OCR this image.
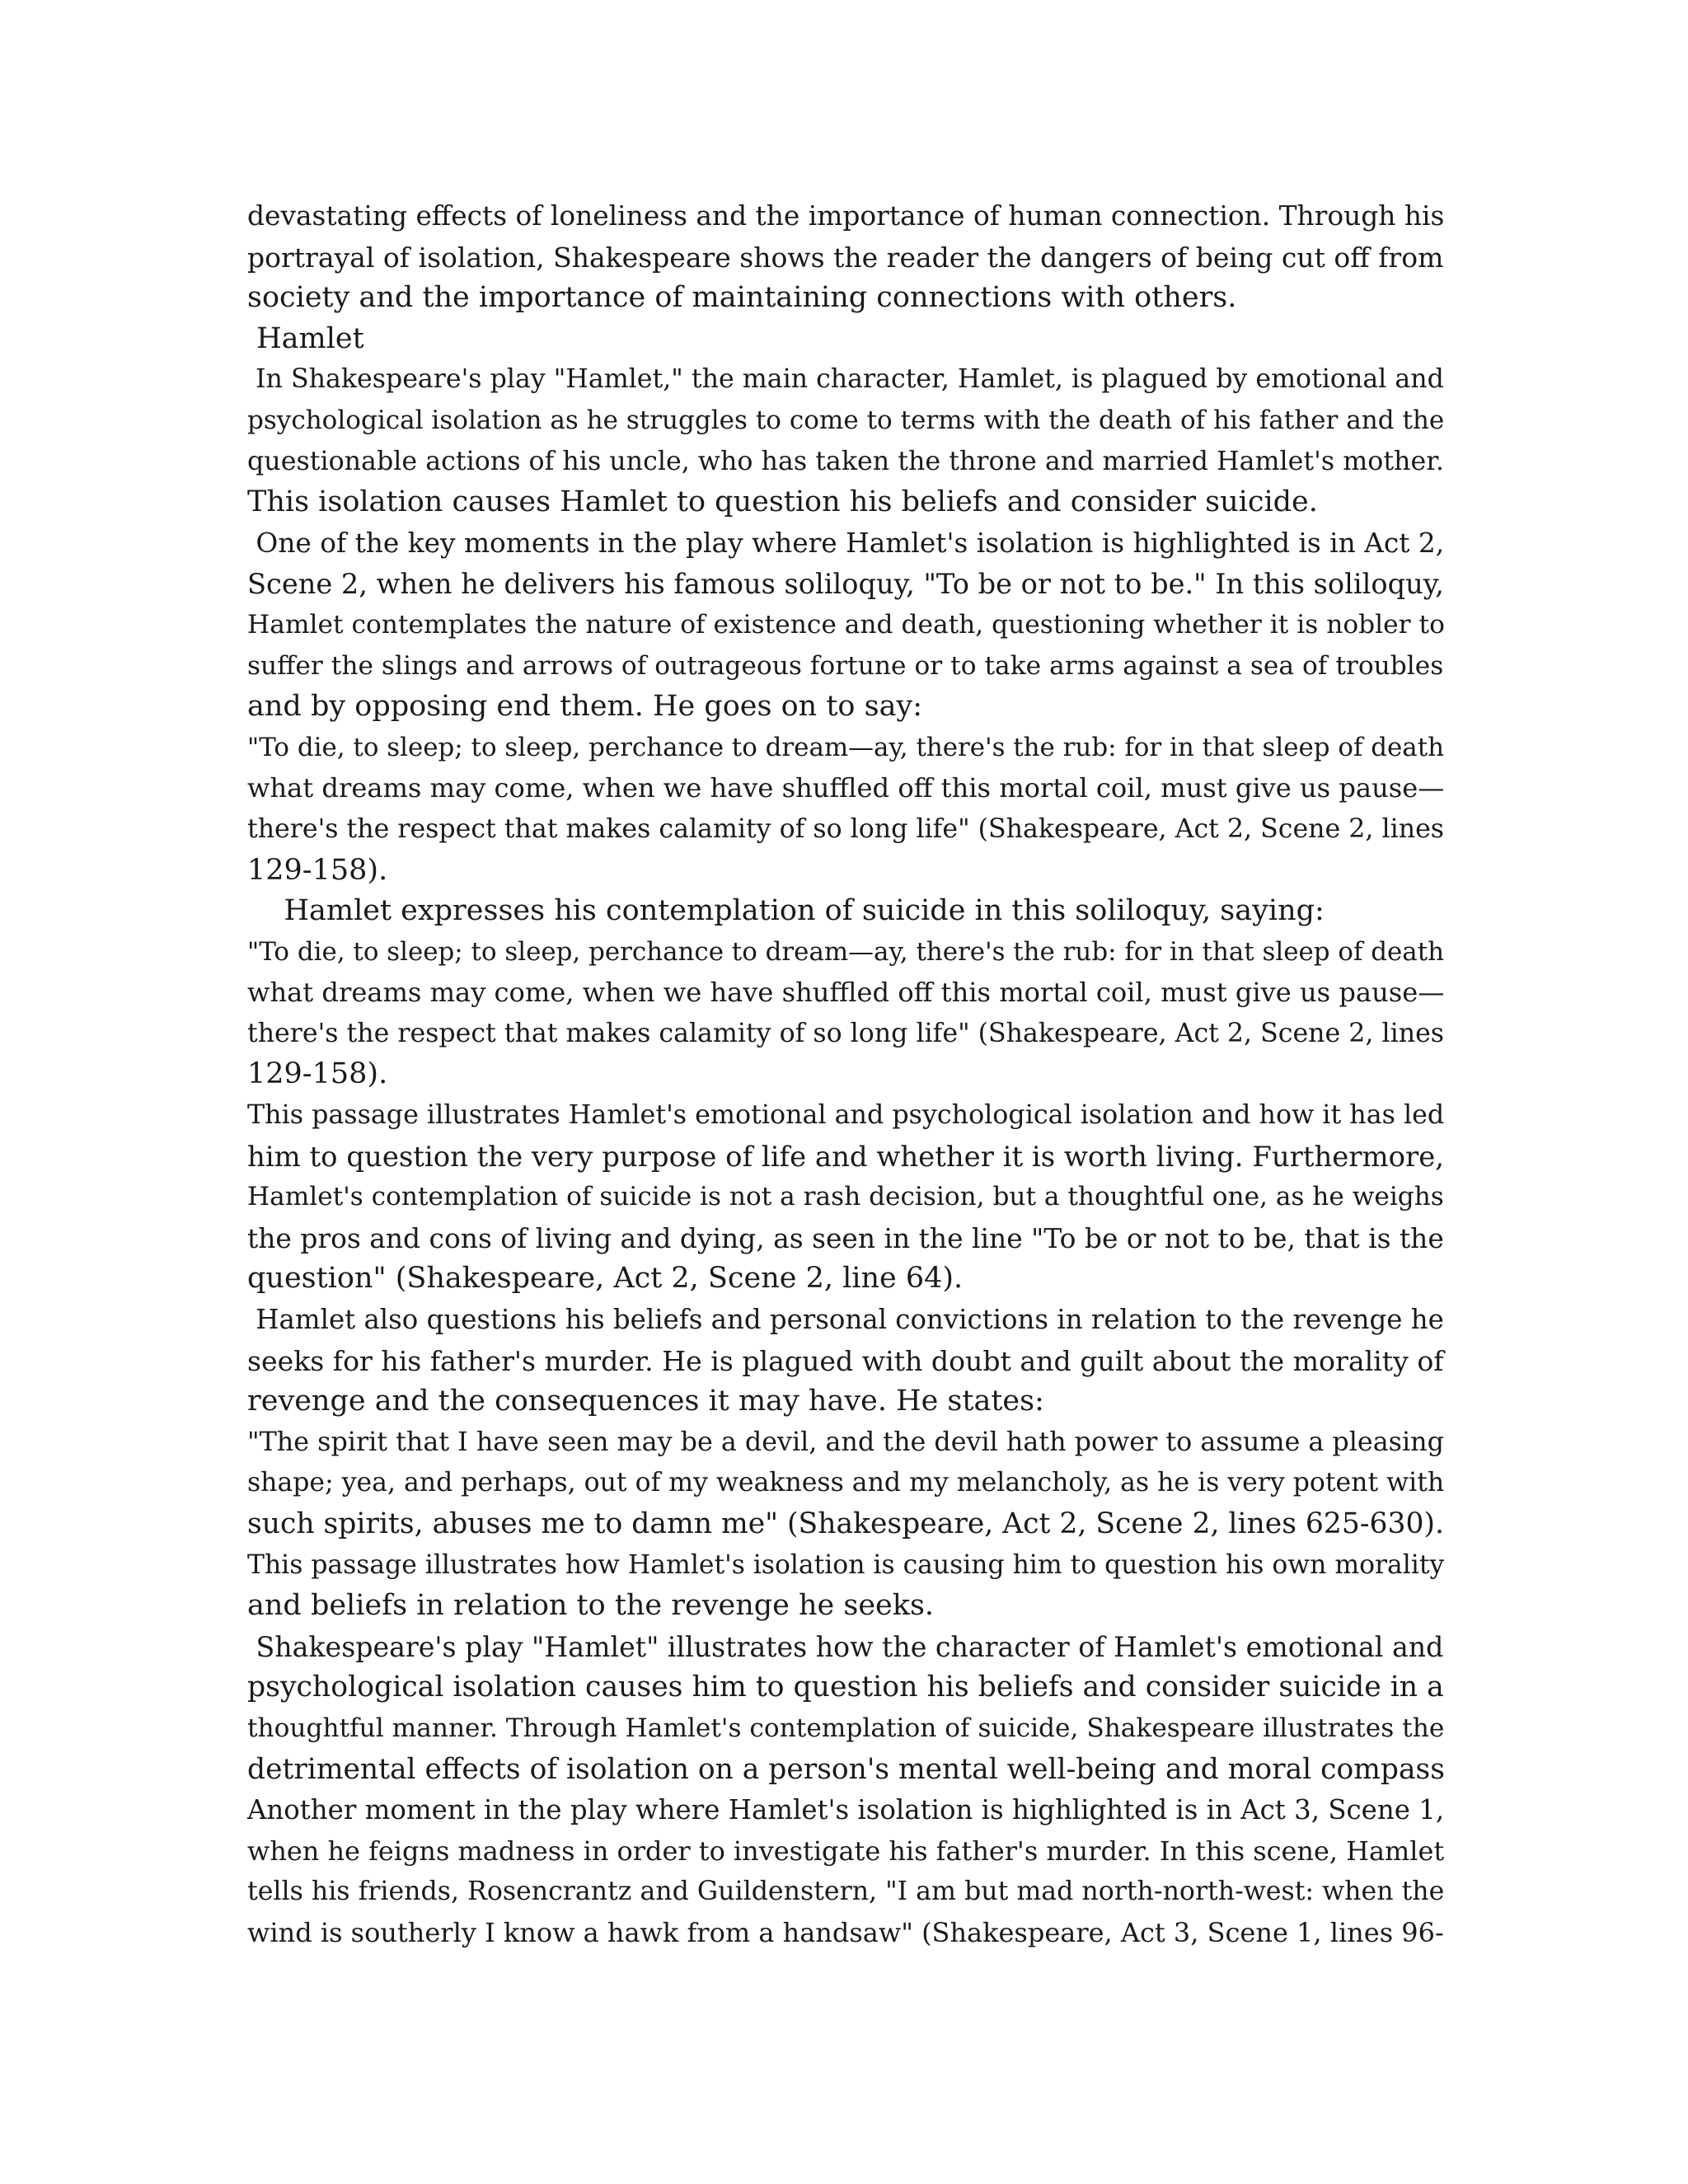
devastating effects of loneliness and the importance of human connection. Through his
portrayal of isolation, Shakespeare shows the reader the dangers of being cut off from
society and the importance of maintaining connections with others.
Hamlet
In Shakespeare's play "Hamlet," the main character, Hamlet, is plagued by emotional and
psychological isolation as he struggles to come to terms with the death of his father and the
questionable actions of his uncle, who has taken the throne and married Hamlet's mother.
This isolation causes Hamlet to question his beliefs and consider suicide.
One of the key moments in the play where Hamlet's isolation is highlighted is in Act 2,
Scene 2, when he delivers his famous soliloquy, "To be or not to be." In this soliloquy,
Hamlet contemplates the nature of existence and death, questioning whether it is nobler to
suffer the slings and arrows of outrageous fortune or to take arms against a sea of troubles
and by opposing end them. He goes on to say:
"To die, to sleep; to sleep, perchance to dream—ay, there's the rub: for in that sleep of death
what dreams may come, when we have shuffled off this mortal coil, must give us pause—
there's the respect that makes calamity of so long life" (Shakespeare, Act 2, Scene 2, lines
129-158).
Hamlet expresses his contemplation of suicide in this soliloquy, saying:
"To die, to sleep; to sleep, perchance to dream—ay, there's the rub: for in that sleep of death
what dreams may come, when we have shuffled off this mortal coil, must give us pause—
there's the respect that makes calamity of so long life" (Shakespeare, Act 2, Scene 2, lines
129-158).
This passage illustrates Hamlet's emotional and psychological isolation and how it has led
him to question the very purpose of life and whether it is worth living. Furthermore,
Hamlet's contemplation of suicide is not a rash decision, but a thoughtful one, as he weighs
the pros and cons of living and dying, as seen in the line "To be or not to be, that is the
question" (Shakespeare, Act 2, Scene 2, line 64).
Hamlet also questions his beliefs and personal convictions in relation to the revenge he
seeks for his father's murder. He is plagued with doubt and guilt about the morality of
revenge and the consequences it may have. He states:
"The spirit that I have seen may be a devil, and the devil hath power to assume a pleasing
shape; yea, and perhaps, out of my weakness and my melancholy, as he is very potent with
such spirits, abuses me to damn me" (Shakespeare, Act 2, Scene 2, lines 625-630).
This passage illustrates how Hamlet's isolation is causing him to question his own morality
and beliefs in relation to the revenge he seeks.
Shakespeare's play "Hamlet" illustrates how the character of Hamlet's emotional and
psychological isolation causes him to question his beliefs and consider suicide in a
thoughtful manner. Through Hamlet's contemplation of suicide, Shakespeare illustrates the
detrimental effects of isolation on a person's mental well-being and moral compass
Another moment in the play where Hamlet's isolation is highlighted is in Act 3, Scene 1,
when he feigns madness in order to investigate his father's murder. In this scene, Hamlet
tells his friends, Rosencrantz and Guildenstern, "I am but mad north-north-west: when the
wind is southerly I know a hawk from a handsaw" (Shakespeare, Act 3, Scene 1, lines 96-
